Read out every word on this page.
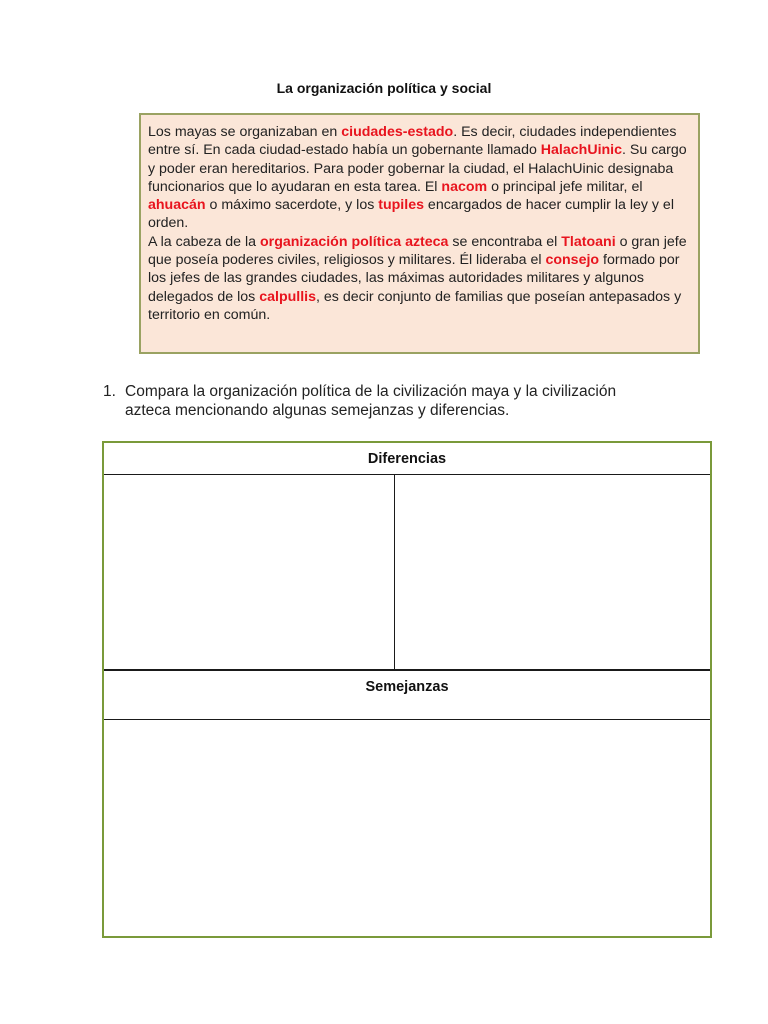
La organización política y social

Los mayas se organizaban en ciudades-estado. Es decir, ciudades independientes entre sí. En cada ciudad-estado había un gobernante llamado HalachUinic. Su cargo y poder eran hereditarios. Para poder gobernar la ciudad, el HalachUinic designaba funcionarios que lo ayudaran en esta tarea. El nacom o principal jefe militar, el ahuacán o máximo sacerdote, y los tupiles encargados de hacer cumplir la ley y el orden.

A la cabeza de la organización política azteca se encontraba el Tlatoani o gran jefe que poseía poderes civiles, religiosos y militares. Él lideraba el consejo formado por los jefes de las grandes ciudades, las máximas autoridades militares y algunos delegados de los calpullis, es decir conjunto de familias que poseían antepasados y territorio en común.

1. Compara la organización política de la civilización maya y la civilización
azteca mencionando algunas semejanzas y diferencias.
Diferencias
Semejanzas
